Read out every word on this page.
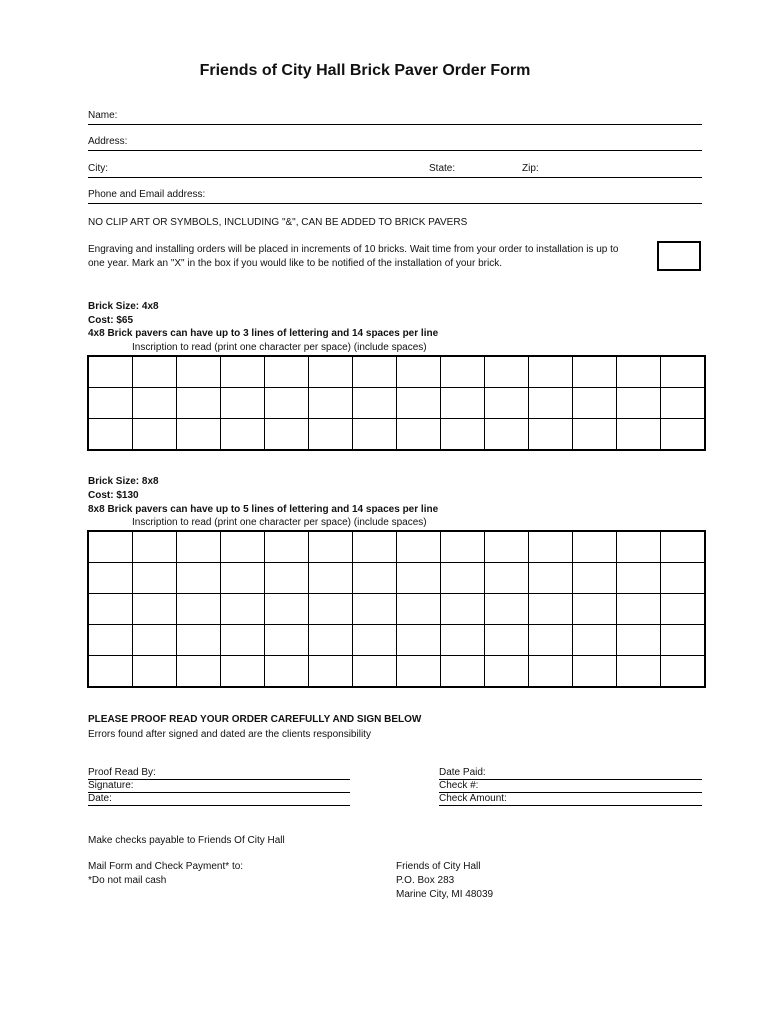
Friends of City Hall Brick Paver Order Form
Name:
Address:
City:	State:	Zip:
Phone and Email address:
NO CLIP ART OR SYMBOLS, INCLUDING "&", CAN BE ADDED TO BRICK PAVERS
Engraving and installing orders will be placed in increments of 10 bricks. Wait time from your order to installation is up to
one year. Mark an "X" in the box if you would like to be notified of the installation of your brick.
Brick Size: 4x8
Cost: $65
4x8 Brick pavers can have up to 3 lines of lettering and 14 spaces per line
Inscription to read (print one character per space) (include spaces)

Brick Size: 8x8
Cost: $130
8x8 Brick pavers can have up to 5 lines of lettering and 14 spaces per line
Inscription to read (print one character per space) (include spaces)

PLEASE PROOF READ YOUR ORDER CAREFULLY AND SIGN BELOW
Errors found after signed and dated are the clients responsibility
Proof Read By:
Signature:
Date:
Date Paid:
Check #:
Check Amount:
Make checks payable to Friends Of City Hall
Mail Form and Check Payment* to:
*Do not mail cash
Friends of City Hall
P.O. Box 283
Marine City, MI 48039
